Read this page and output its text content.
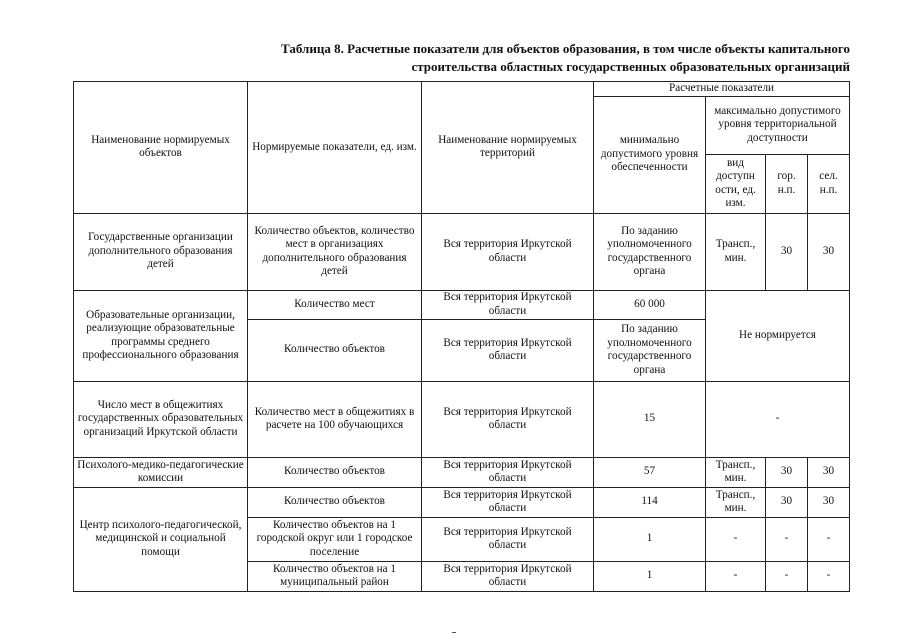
Таблица 8. Расчетные показатели для объектов образования, в том числе объекты капитального
строительства областных государственных образовательных организаций
Наименование нормируемых объектов	Нормируемые показатели, ед. изм.	Наименование нормируемых территорий	Расчетные показатели			
			минимально допустимого уровня обеспеченности	максимально допустимого уровня территориальной доступности		
				вид доступн ости, ед. изм.	гор. н.п.	сел. н.п.
Государственные организации дополнительного образования детей	Количество объектов, количество мест в организациях дополнительного образования детей	Вся территория Иркутской области	По заданию уполномоченного государственного органа	Трансп., мин.	30	30
Образовательные организации, реализующие образовательные программы среднего профессионального образования	Количество мест	Вся территория Иркутской области	60 000	Не нормируется		
	Количество объектов	Вся территория Иркутской области	По заданию уполномоченного государственного органа			
Число мест в общежитиях государственных образовательных организаций Иркутской области	Количество мест в общежитиях в расчете на 100 обучающихся	Вся территория Иркутской области	15	-		
Психолого-медико-педагогические комиссии	Количество объектов	Вся территория Иркутской области	57	Трансп., мин.	30	30
Центр психолого-педагогической, медицинской и социальной помощи	Количество объектов	Вся территория Иркутской области	114	Трансп., мин.	30	30
	Количество объектов на 1 городской округ или 1 городское поселение	Вся территория Иркутской области	1	-	-	-
	Количество объектов на 1 муниципальный район	Вся территория Иркутской области	1	-	-	-
